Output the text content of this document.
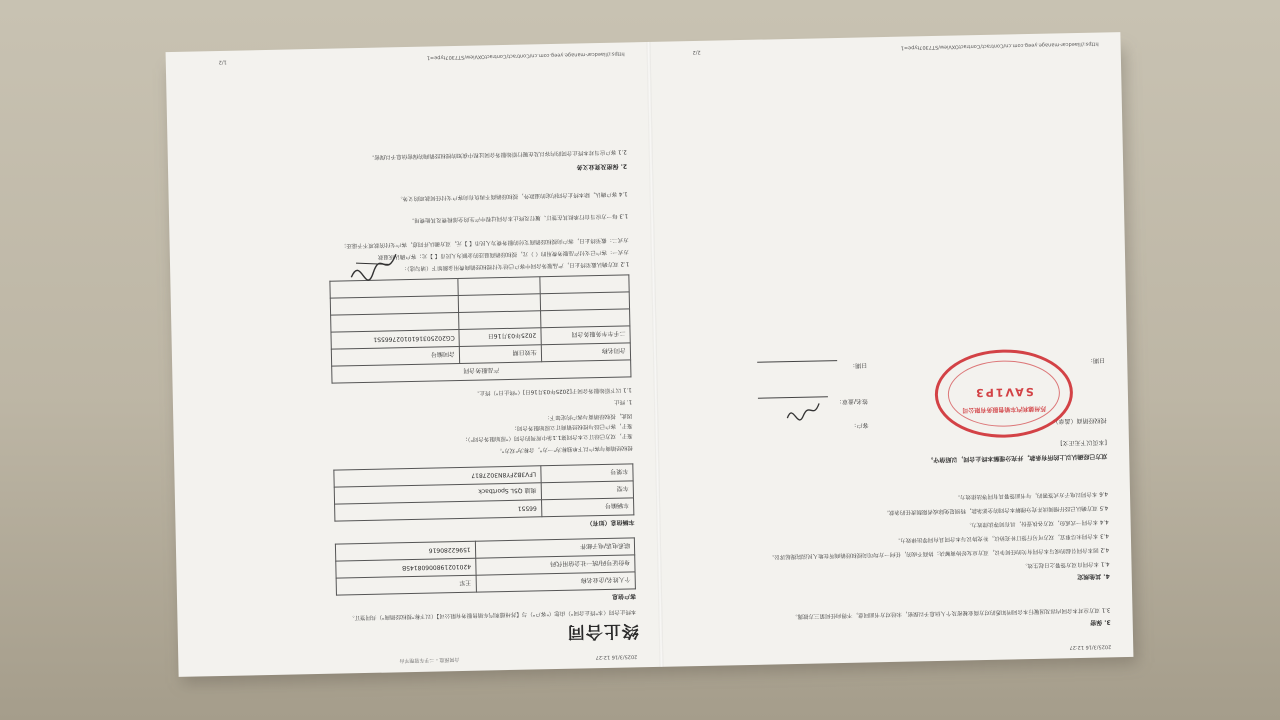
2025/3/16 12:27
合同预览 - 二手车管理平台
终止合同
本终止合同（本"终止合同"）由您（"客户"）与【苏州德利汽车销售服务有限公司】（以下称"授权经销商"）共同签订。
客户信息
个人姓名/企业名称	王军
身份证号码/统一社会信用代码	42010219800608145B
联系电话/电子邮件	15962280616
车辆信息（如有）
车辆编号	66551
车型	奥迪 Q5L Sportback
车架号	LFV3B2FY8N3027817
授权经销商与客户以下单独称为"一方"，合称为"双方"。
鉴于，双方已经订立本合同第1.1条中所列的合同（"原始服务合同"）；
鉴于，客户已经与授权经销商订立原始服务合同；
因此，授权经销商与客户约定如下：
1. 终止
1.1 以下原始服务合同于[2025年03月16日]（"终止日"）终止。
产品服务合同		
合同名称	生效日期	合同编号
二手车车务服务合同	2025年03月16日	CG20250316101027665S1

1.2 双方确认截至终止日，产品服务合同中客户已经支付授权经销商费用金额如下（请勾选）：
方式一：客户已支付产品服务费用的（ ）元，授权经销商退还的金额为人民币【 】元；客户确认该退款
方式二：截至终止日，客户向授权经销商支付的服务费为人民币【 】元，双方确认并同意，客户支付的款项不予退还；
1.3 每一方应当自行承担其在签订、履行及终止本合同过程中产生的全部税费及其他费用。
1.4 客户确认，除本终止合同约定的退款外，授权经销商不再负有向客户支付任何款项的义务。
2. 保密及竞业义务
2.1 客户应当对本终止合同的内容以及在履行原始服务合同过程中获知的授权经销商的保密信息予以保密。
https://liaedcar-manage.yeeg.com.cn/Contract/ContractOXView/ST7307type=1
1/2
2025/3/16 12:27
3. 保密
3.1 双方应对本合同内容及因履行本合同所知悉的对方商业秘密及个人信息予以保密，未经对方书面同意，不得向任何第三方披露。
4. 其他规定
4.1 本合同自双方签署之日起生效。
4.2 因本合同引起的或与本合同有关的任何争议，双方应友好协商解决；协商不成的，任何一方均可向授权经销商所在地人民法院提起诉讼。
4.3 本合同未尽事宜，双方可另行签订补充协议，补充协议与本合同具有同等法律效力。
4.4 本合同一式贰份，双方各执壹份，具有同等法律效力。
4.5 双方确认已经仔细阅读并充分理解本合同的全部条款，特别是免除或者限制责任的条款。
4.6 本合同以电子方式签署的，与书面签署具有同等法律效力。
双方已经确认以上的所有条款，并充分理解本终止合同，以昭信守。
[本页以下无正文]
授权经销商（盖章）：
客户：
签名/盖章：
日期：
日期：
苏州德利汽车销售服务有限公司
SAV1P3
https://liaedcar-manage.yeeg.com.cn/Contract/ContractOXView/ST7307type=1
2/2
